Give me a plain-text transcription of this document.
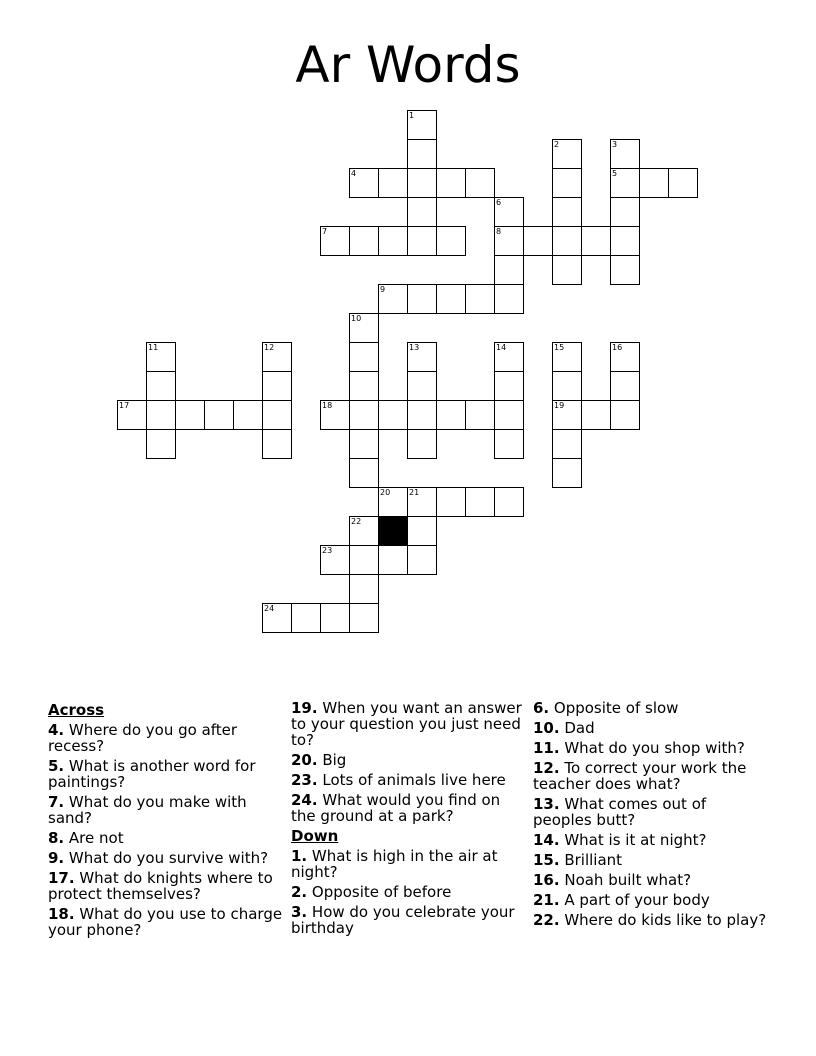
Ar Words
1
2	3
4	5
6
7	8
9
10
11	12	13	14	15	16
17	18	19
20 21
22
23
24
Across
4. Where do you go after recess?
5. What is another word for paintings?
7. What do you make with sand?
8. Are not
9. What do you survive with?
17. What do knights where to protect themselves?
18. What do you use to charge your phone?
19. When you want an answer to your question you just need to?
20. Big
23. Lots of animals live here
24. What would you find on the ground at a park?
Down
1. What is high in the air at night?
2. Opposite of before
3. How do you celebrate your birthday
6. Opposite of slow
10. Dad
11. What do you shop with?
12. To correct your work the teacher does what?
13. What comes out of peoples butt?
14. What is it at night?
15. Brilliant
16. Noah built what?
21. A part of your body
22. Where do kids like to play?
